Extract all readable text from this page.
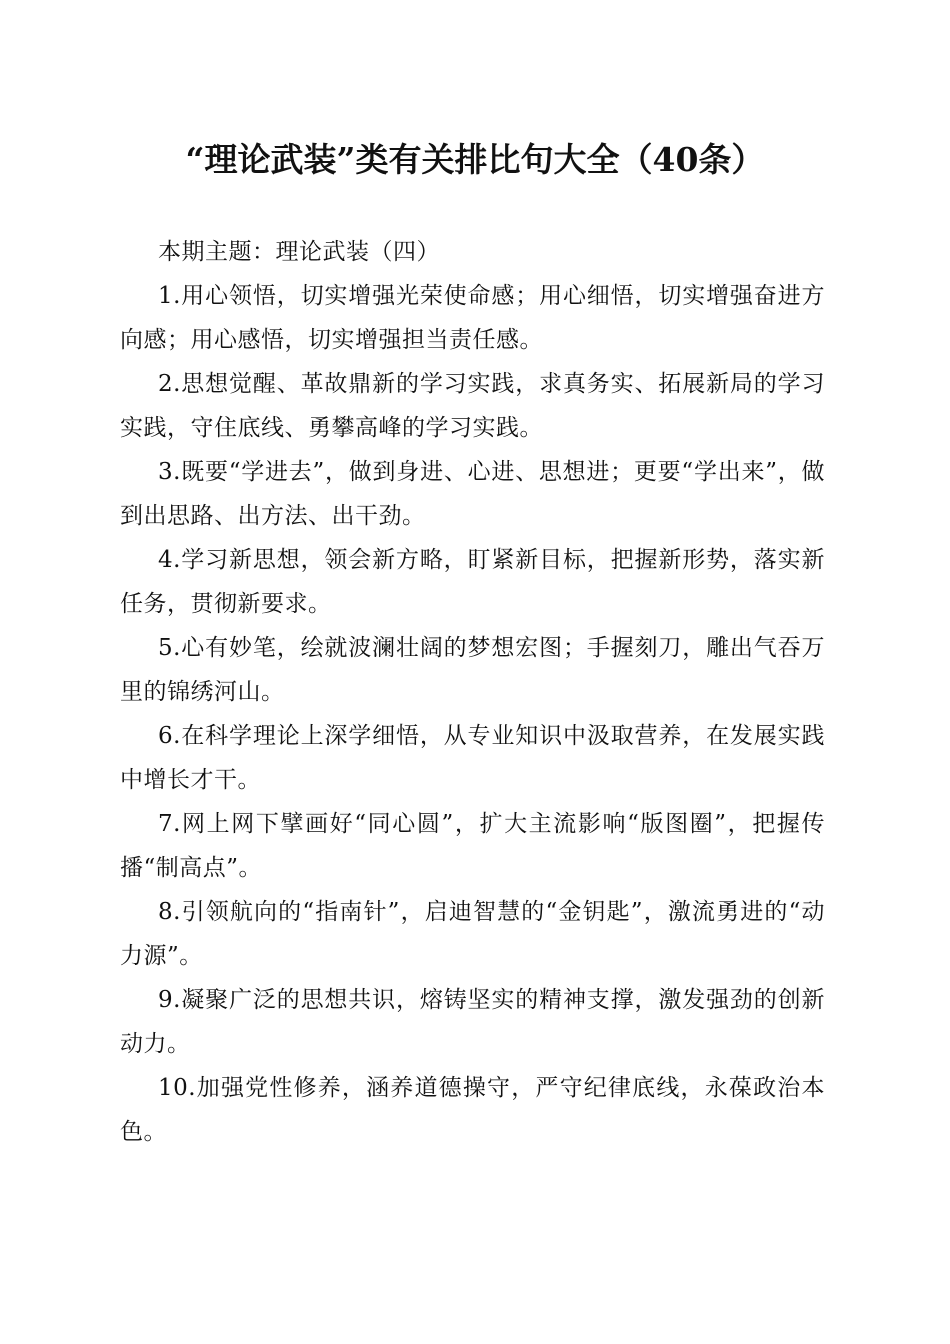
“理论武装”类有关排比句大全（40条）

本期主题：理论武装（四）

1.用心领悟，切实增强光荣使命感；用心细悟，切实增强奋进方向感；用心感悟，切实增强担当责任感。

2.思想觉醒、革故鼎新的学习实践，求真务实、拓展新局的学习实践，守住底线、勇攀高峰的学习实践。

3.既要“学进去”，做到身进、心进、思想进；更要“学出来”，做到出思路、出方法、出干劲。

4.学习新思想，领会新方略，盯紧新目标，把握新形势，落实新任务，贯彻新要求。

5.心有妙笔，绘就波澜壮阔的梦想宏图；手握刻刀，雕出气吞万里的锦绣河山。

6.在科学理论上深学细悟，从专业知识中汲取营养，在发展实践中增长才干。

7.网上网下擘画好“同心圆”，扩大主流影响“版图圈”，把握传播“制高点”。

8.引领航向的“指南针”，启迪智慧的“金钥匙”，激流勇进的“动力源”。

9.凝聚广泛的思想共识，熔铸坚实的精神支撑，激发强劲的创新动力。

10.加强党性修养，涵养道德操守，严守纪律底线，永葆政治本色。
